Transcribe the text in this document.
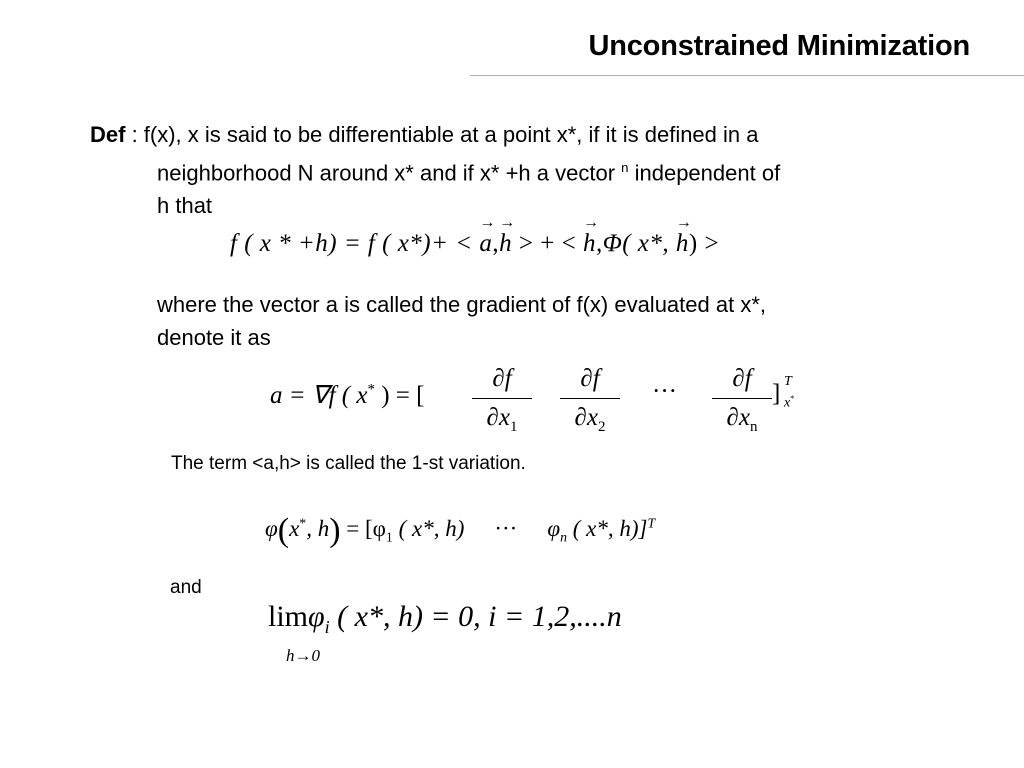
Unconstrained Minimization
Def : f(x), x is said to be differentiable at a point x*, if it is defined in a
neighborhood N around x* and if x* +h a vector $^n$ independent of
h that
f ( x * +h) = f ( x*)+ <
→
a,
→
h > + <
→
h,Φ( x*,
→
h) >
where the vector a is called the gradient of f(x) evaluated at x*,
denote it as
a = ∇f ( x* ) = [
∂f
$\partial x_1$
∂f
$\partial x_2$
···	∂f
$\partial x_n$
] T
x*
The term <a,h> is called the 1-st variation.
φ(x*, $h) = [\varphi_1$ ( x*, h) ··· $\varphi_n$ ( x*, h)]$^T$
and
limφ$_i$ ( x*, h) = 0, i = 1,2,....n
h→0
